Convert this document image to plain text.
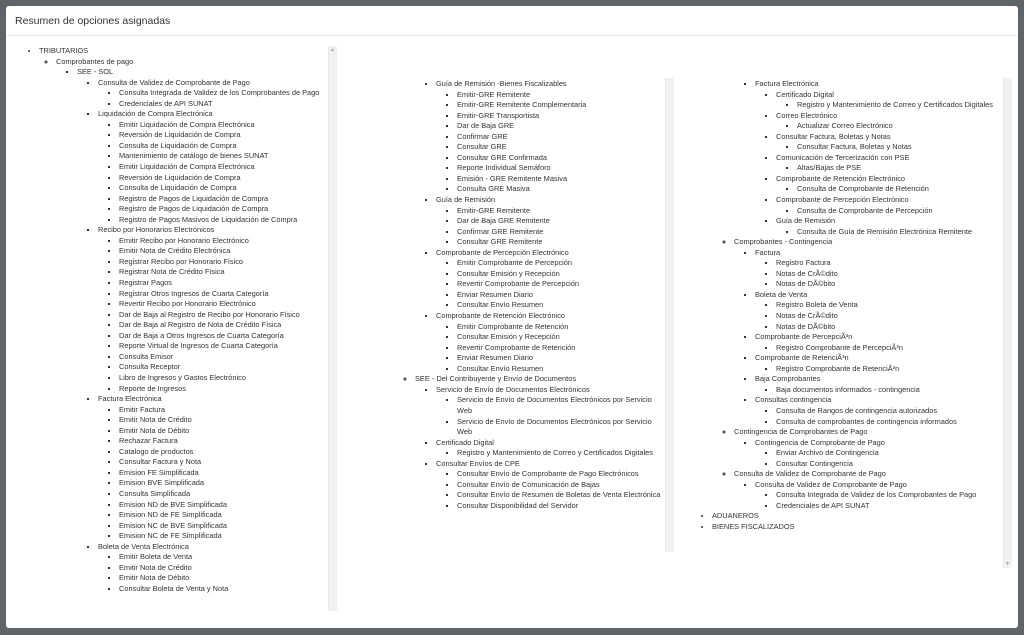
Resumen de opciones asignadas
• TRIBUTARIOS
◦ Comprobantes de pago
▪ SEE - SOL
▪ Consulta de Validez de Comprobante de Pago
▪ Consulta Integrada de Validez de los Comprobantes de Pago
▪ Credenciales de API SUNAT
▪ Liquidación de Compra Electrónica
▪ Emitir Liquidación de Compra Electrónica
▪ Reversión de Liquidación de Compra
▪ Consulta de Liquidación de Compra
▪ Mantenimiento de catálogo de bienes SUNAT
▪ Emitir Liquidación de Compra Electrónica
▪ Reversión de Liquidación de Compra
▪ Consulta de Liquidación de Compra
▪ Registro de Pagos de Liquidación de Compra
▪ Registro de Pagos de Liquidación de Compra
▪ Registro de Pagos Masivos de Liquidación de Compra
▪ Recibo por Honorarios Electrónicos
▪ Emitir Recibo por Honorario Electrónico
▪ Emitir Nota de Crédito Electrónica
▪ Registrar Recibo por Honorario Físico
▪ Registrar Nota de Crédito Física
▪ Registrar Pagos
▪ Registrar Otros Ingresos de Cuarta Categoría
▪ Revertir Recibo por Honorario Electrónico
▪ Dar de Baja al Registro de Recibo por Honorario Físico
▪ Dar de Baja al Registro de Nota de Crédito Física
▪ Dar de Baja a Otros Ingresos de Cuarta Categoría
▪ Reporte Virtual de Ingresos de Cuarta Categoría
▪ Consulta Emisor
▪ Consulta Receptor
▪ Libro de Ingresos y Gastos Electrónico
▪ Reporte de Ingresos
▪ Factura Electrónica
▪ Emitir Factura
▪ Emitir Nota de Crédito
▪ Emitir Nota de Débito
▪ Rechazar Factura
▪ Catalogo de productos
▪ Consultar Factura y Nota
▪ Emision FE Simplificada
▪ Emision BVE Simplificada
▪ Consulta Simplificada
▪ Emision ND de BVE Simplificada
▪ Emision ND de FE Simplificada
▪ Emision NC de BVE Simplificada
▪ Emision NC de FE Simplificada
▪ Boleta de Venta Electrónica
▪ Emitir Boleta de Venta
▪ Emitir Nota de Crédito
▪ Emitir Nota de Débito
▪ Consultar Boleta de Venta y Nota
▲
▪ Guía de Remisión -Bienes Fiscalizables
▪ Emitir-GRE Remitente
▪ Emitir-GRE Remitente Complementaria
▪ Emitir-GRE Transportista
▪ Dar de Baja GRE
▪ Confirmar GRE
▪ Consultar GRE
▪ Consultar GRE Confirmada
▪ Reporte Individual Semáforo
▪ Emisión - GRE Remitente Masiva
▪ Consulta GRE Masiva
▪ Guía de Remisión
▪ Emitir-GRE Remitente
▪ Dar de Baja GRE Remitente
▪ Confirmar GRE Remitente
▪ Consultar GRE Remitente
▪ Comprobante de Percepción Electrónico
▪ Emitir Comprobante de Percepción
▪ Consultar Emisión y Recepción
▪ Revertir Comprobante de Percepción
▪ Enviar Resumen Diario
▪ Consultar Envío Resumen
▪ Comprobante de Retención Electrónico
▪ Emitir Comprobante de Retención
▪ Consultar Emisión y Recepción
▪ Revertir Comprobante de Retención
▪ Enviar Resumen Diario
▪ Consultar Envío Resumen
◦ SEE - Del Contribuyente y Envío de Documentos
▪ Servicio de Envío de Documentos Electrónicos
▪ Servicio de Envío de Documentos Electrónicos por Servicio Web
▪ Servicio de Envío de Documentos Electrónicos por Servicio Web
▪ Certificado Digital
▪ Registro y Mantenimiento de Correo y Certificados Digitales
▪ Consultar Envíos de CPE
▪ Consultar Envío de Comprobante de Pago Electrónicos
▪ Consultar Envío de Comunicación de Bajas
▪ Consultar Envío de Resumen de Boletas de Venta Electrónica
▪ Consultar Disponibilidad del Servidor
▪ Factura Electrónica
▪ Certificado Digital
▪ Registro y Mantenimiento de Correo y Certificados Digitales
▪ Correo Electrónico
▪ Actualizar Correo Electrónico
▪ Consultar Factura, Boletas y Notas
▪ Consultar Factura, Boletas y Notas
▪ Comunicación de Tercerización con PSE
▪ Altas/Bajas de PSE
▪ Comprobante de Retención Electrónico
▪ Consulta de Comprobante de Retención
▪ Comprobante de Percepción Electrónico
▪ Consulta de Comprobante de Percepción
▪ Guía de Remisión
▪ Consulta de Guía de Remisión Electrónica Remitente
◦ Comprobantes - Contingencia
▪ Factura
▪ Registro Factura
▪ Notas de CrÃ©dito
▪ Notas de DÃ©bito
▪ Boleta de Venta
▪ Registro Boleta de Venta
▪ Notas de CrÃ©dito
▪ Notas de DÃ©bito
▪ Comprobante de PercepciÃ³n
▪ Registro Comprobante de PercepciÃ³n
▪ Comprobante de RetenciÃ³n
▪ Registro Comprobante de RetenciÃ³n
▪ Baja Comprobantes
▪ Baja documentos informados - contingencia
▪ Consultas contingencia
▪ Consulta de Rangos de contingencia autorizados
▪ Consulta de comprobantes de contingencia informados
◦ Contingencia de Comprobantes de Pago
▪ Contingencia de Comprobante de Pago
▪ Enviar Archivo de Contingencia
▪ Consultar Contingencia
◦ Consulta de Validez de Comprobante de Pago
▪ Consulta de Validez de Comprobante de Pago
▪ Consulta Integrada de Validez de los Comprobantes de Pago
▪ Credenciales de API SUNAT
• ADUANEROS
• BIENES FISCALIZADOS
▼
